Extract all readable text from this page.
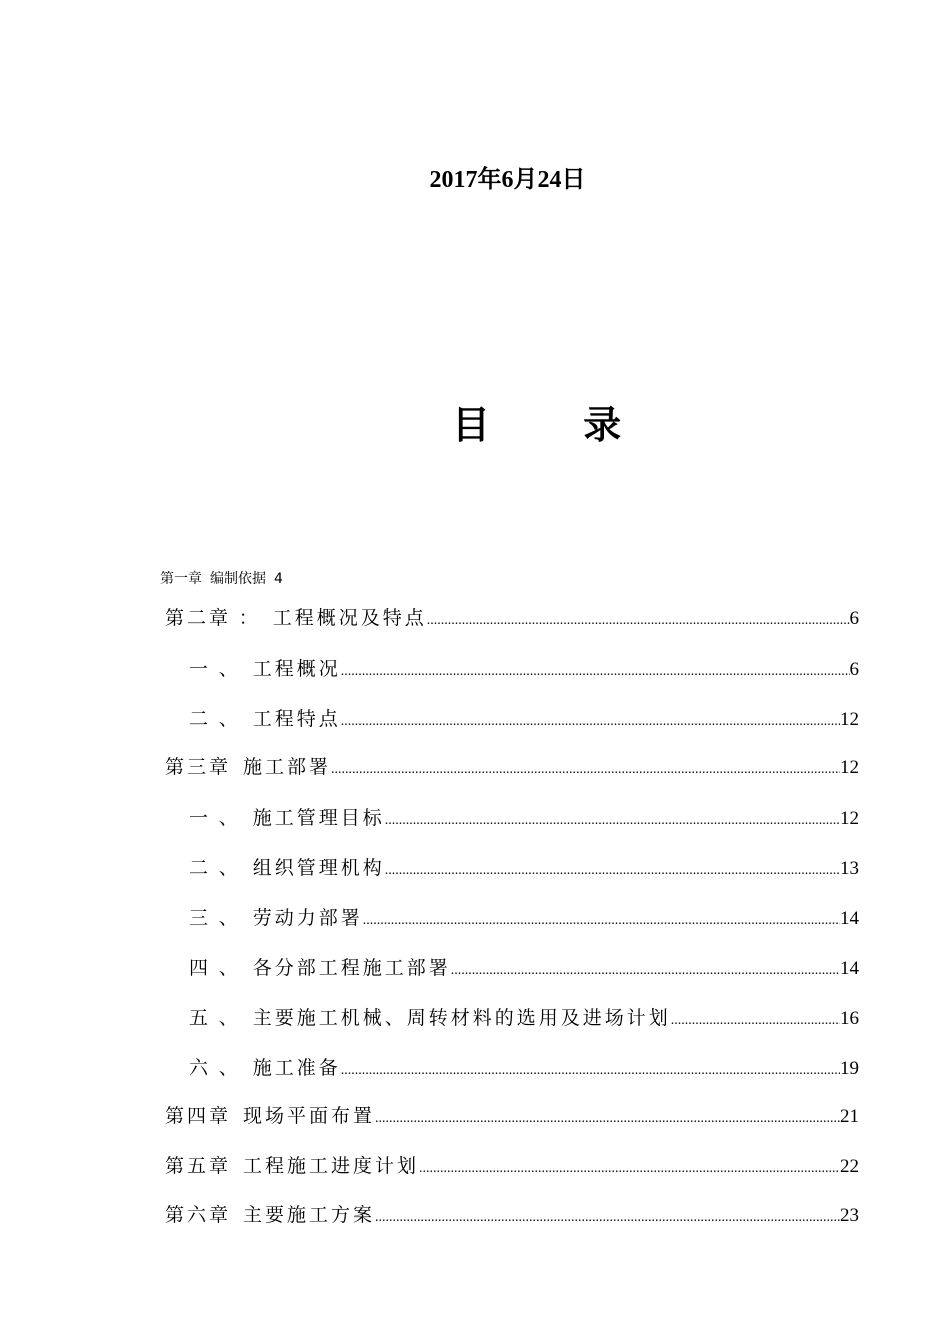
2017年6月24日
目 录
第一章 编制依据 4
第二章 ： 工程概况及特点 .....	6
一 、 工程概况 .....	6
二 、 工程特点 .....	12
第三章 施工部署 .....	12
一 、 施工管理目标 .....	12
二 、 组织管理机构 .....	13
三 、 劳动力部署 .....	14
四 、 各分部工程施工部署 .....	14
五 、 主要施工机械、周转材料的选用及进场计划 .....	16
六 、 施工准备 .....	19
第四章 现场平面布置 .....	21
第五章 工程施工进度计划 .....	22
第六章 主要施工方案 .....	23
